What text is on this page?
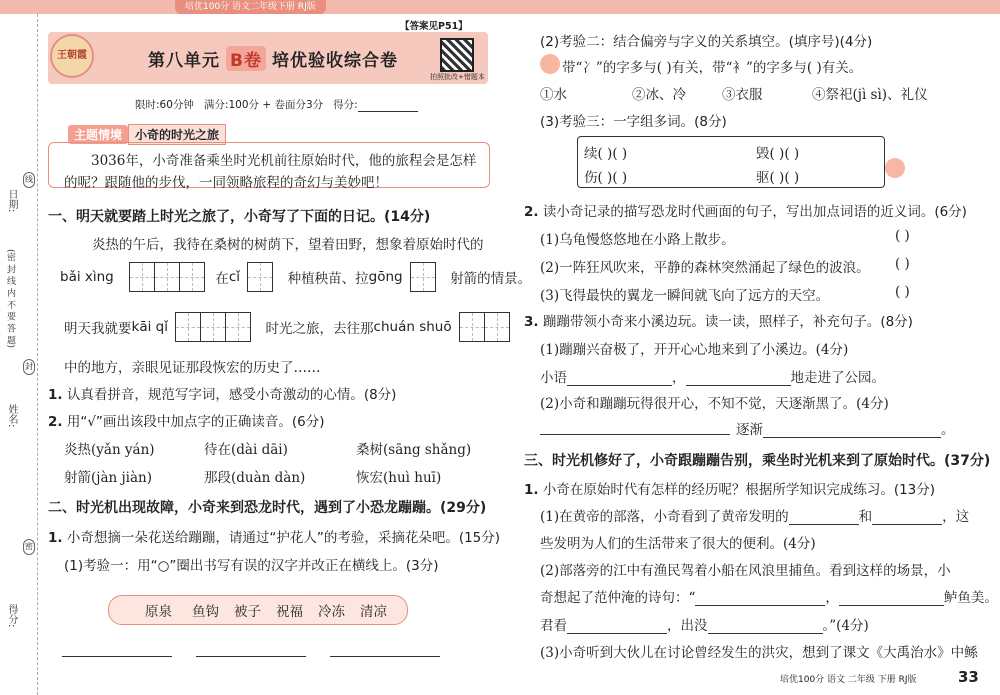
培优100分 语文二年级下册 RJ版
【答案见P51】
日期:
(密 封 线 内 不 要 答 题)
姓名:
得分:
线
封
密
第八单元 B卷 培优验收综合卷
王朝霞
拍照批改+错题本
限时:60分钟 满分:100分 + 卷面分3分 得分:
主题情境 小奇的时光之旅
3036年，小奇准备乘坐时光机前往原始时代，他的旅程会是怎样的呢？跟随他的步伐，一同领略旅程的奇幻与美妙吧！
一、明天就要踏上时光之旅了，小奇写了下面的日记。(14分)
炎热的午后，我待在桑树的树荫下，望着田野，想象着原始时代的
bǎi xìng	在cǐ	种植秧苗、拉gōng	射箭的情景。
明天我就要kāi qǐ	时光之旅，去往那chuán shuō
中的地方，亲眼见证那段恢宏的历史了……
1. 认真看拼音，规范写字词，感受小奇激动的心情。(8分)
2. 用“√”画出该段中加点字的正确读音。(6分)
炎热(yǎn yán)	待在(dài dāi)	桑树(sāng shǎng)
射箭(jàn jiàn)	那段(duàn dàn)	恢宏(huì huī)
二、时光机出现故障，小奇来到恐龙时代，遇到了小恐龙蹦蹦。(29分)
1. 小奇想摘一朵花送给蹦蹦，请通过“护花人”的考验，采摘花朵吧。(15分)
(1)考验一：用“○”圈出书写有误的汉字并改正在横线上。(3分)
原泉 鱼钩 被子 祝福 冷冻 清凉
(2)考验二：结合偏旁与字义的关系填空。(填序号)(4分)
带“冫”的字多与( )有关，带“衤”的字多与( )有关。
①水	②冰、冷	③衣服	④祭祀(jì sì)、礼仪
(3)考验三：一字组多词。(8分)
续( )( )	毁( )( )
伤( )( )	驱( )( )
2. 读小奇记录的描写恐龙时代画面的句子，写出加点词语的近义词。(6分)
(1)乌龟慢悠悠地在小路上散步。	( )
(2)一阵狂风吹来，平静的森林突然涌起了绿色的波浪。 ( )
(3)飞得最快的翼龙一瞬间就飞向了远方的天空。	( )
3. 蹦蹦带领小奇来小溪边玩。读一读，照样子，补充句子。(8分)
(1)蹦蹦兴奋极了，开开心心地来到了小溪边。(4分)
小语	，	地走进了公园。
(2)小奇和蹦蹦玩得很开心，不知不觉，天逐渐黑了。(4分)
逐渐	。
三、时光机修好了，小奇跟蹦蹦告别，乘坐时光机来到了原始时代。(37分)
1. 小奇在原始时代有怎样的经历呢？根据所学知识完成练习。(13分)
(1)在黄帝的部落，小奇看到了黄帝发明的	和	，这
些发明为人们的生活带来了很大的便利。(4分)
(2)部落旁的江中有渔民驾着小船在风浪里捕鱼。看到这样的场景，小
奇想起了范仲淹的诗句：“	，	鲈鱼美。
君看	，出没	。”(4分)
(3)小奇听到大伙儿在讨论曾经发生的洪灾，想到了课文《大禹治水》中鲧
培优100分 语文 二年级 下册 RJ版	33
